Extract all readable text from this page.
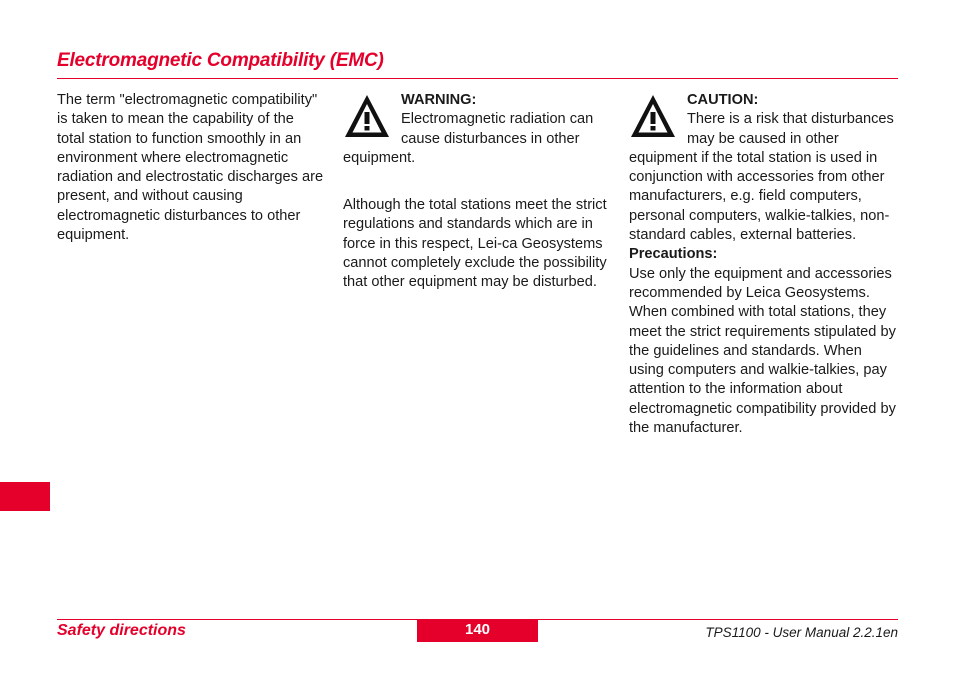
Electromagnetic Compatibility (EMC)

The term "electromagnetic compatibility" is taken to mean the capability of the total station to function smoothly in an environment where electromagnetic radiation and electrostatic discharges are present, and without causing electromagnetic disturbances to other equipment.

WARNING:
Electromagnetic radiation can cause disturbances in other equipment.

Although the total stations meet the strict regulations and standards which are in force in this respect, Lei-ca Geosystems cannot completely exclude the possibility that other equipment may be disturbed.

CAUTION:
There is a risk that disturbances may be caused in other equipment if the total station is used in conjunction with accessories from other manufacturers, e.g. field computers, personal computers, walkie-talkies, non-standard cables, external batteries.
Precautions:
Use only the equipment and accessories recommended by Leica Geosystems. When combined with total stations, they meet the strict requirements stipulated by the guidelines and standards. When using computers and walkie-talkies, pay attention to the information about electromagnetic compatibility provided by the manufacturer.
Safety directions	140	TPS1100 - User Manual 2.2.1en
